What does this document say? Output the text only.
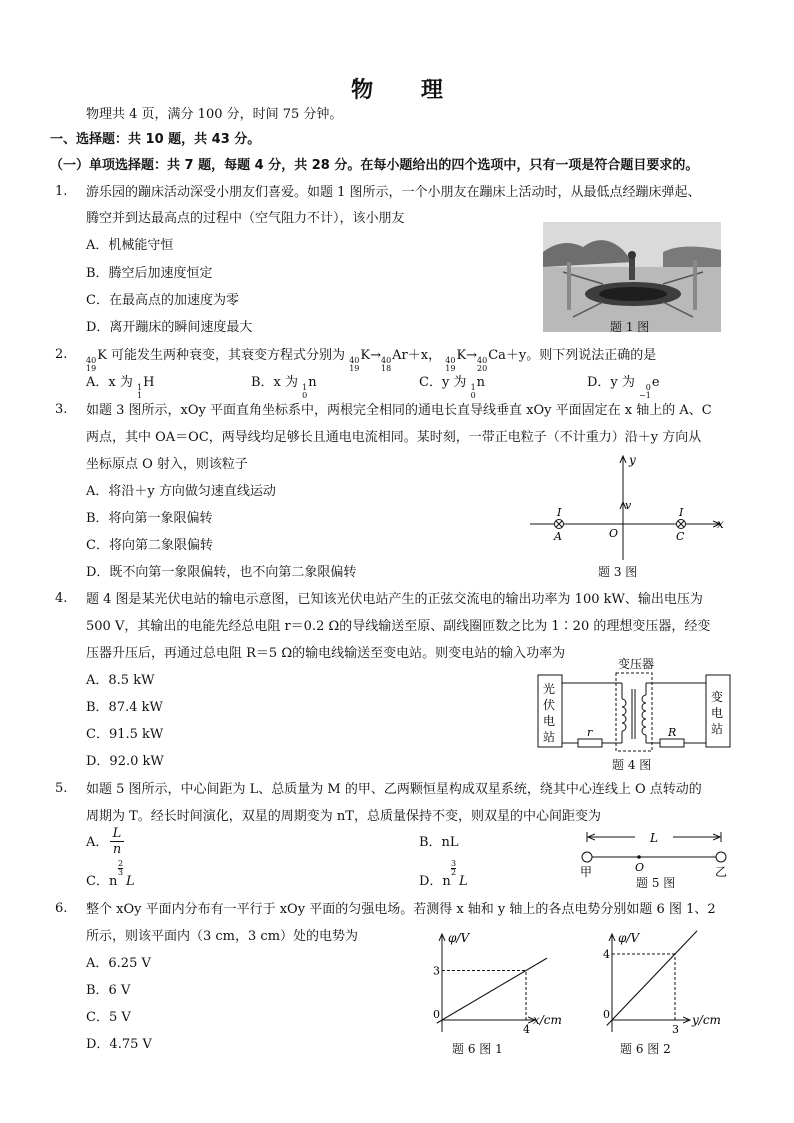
物 理
物理共 4 页，满分 100 分，时间 75 分钟。
一、选择题：共 10 题，共 43 分。
（一）单项选择题：共 7 题，每题 4 分，共 28 分。在每小题给出的四个选项中，只有一项是符合题目要求的。
1. 游乐园的蹦床活动深受小朋友们喜爱。如题 1 图所示，一个小朋友在蹦床上活动时，从最低点经蹦床弹起、
腾空并到达最高点的过程中（空气阻力不计），该小朋友
A．机械能守恒
B．腾空后加速度恒定
C．在最高点的加速度为零
D．离开蹦床的瞬间速度最大	题 1 图
2. 40
19
K 可能发生两种衰变，其衰变方程式分别为 40
19
K→ 40
18
Ar＋x， 40
19
K→ 40
20
Ca＋y。则下列说法正确的是
A．x 为 1
1
H	B．x 为 1
0
n	C．y 为 1
0
n	D．y 为	0
−1
e
3. 如题 3 图所示，xOy 平面直角坐标系中，两根完全相同的通电长直导线垂直 xOy 平面固定在 x 轴上的 A、C
两点，其中 OA＝OC，两导线均足够长且通电电流相同。某时刻，一带正电粒子（不计重力）沿＋y 方向从
坐标原点 O 射入，则该粒子
A．将沿＋y 方向做匀速直线运动
B．将向第一象限偏转
C．将向第二象限偏转
D．既不向第一象限偏转，也不向第二象限偏转
y
x
v
I	I
A	O	C
题 3 图
4. 题 4 图是某光伏电站的输电示意图，已知该光伏电站产生的正弦交流电的输出功率为 100 kW、输出电压为
500 V，其输出的电能先经总电阻 r＝0.2 Ω的导线输送至原、副线圈匝数之比为 1∶20 的理想变压器，经变
压器升压后，再通过总电阻 R＝5 Ω的输电线输送至变电站。则变电站的输入功率为
A．8.5 kW
B．87.4 kW
C．91.5 kW
D．92.0 kW
光
伏
电
站
变
电
站
变压器
r	R
题 4 图
5. 如题 5 图所示，中心间距为 L、总质量为 M 的甲、乙两颗恒星构成双星系统，绕其中心连线上 O 点转动的
周期为 T。经长时间演化，双星的周期变为 nT，总质量保持不变，则双星的中心间距变为
A．
L
n	B．nL
C．n
2
3
L	D．n
3
2
L
L
O
甲	乙
题 5 图
6. 整个 xOy 平面内分布有一平行于 xOy 平面的匀强电场。若测得 x 轴和 y 轴上的各点电势分别如题 6 图 1、2
所示，则该平面内（3 cm，3 cm）处的电势为
A．6.25 V
B．6 V
C．5 V
D．4.75 V
φ/V
x/cm
3
4
0
题 6 图 1
φ/V
y/cm
4
3
0
题 6 图 2
